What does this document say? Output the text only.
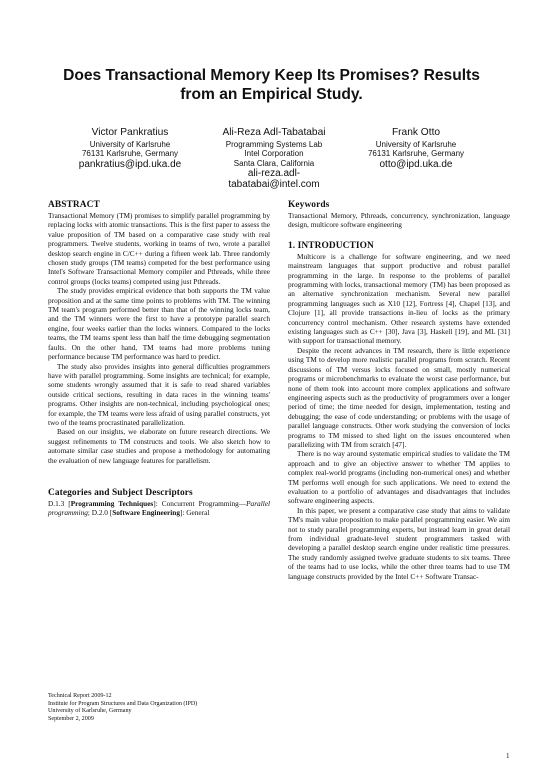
Does Transactional Memory Keep Its Promises? Results
from an Empirical Study.
Victor Pankratius
University of Karlsruhe
76131 Karlsruhe, Germany
pankratius@ipd.uka.de
Ali-Reza Adl-Tabatabai
Programming Systems Lab
Intel Corporation
Santa Clara, California
ali-reza.adl-
tabatabai@intel.com
Frank Otto
University of Karlsruhe
76131 Karlsruhe, Germany
otto@ipd.uka.de
ABSTRACT

Transactional Memory (TM) promises to simplify parallel programming by replacing locks with atomic transactions. This is the first paper to assess the value proposition of TM based on a comparative case study with real programmers. Twelve students, working in teams of two, wrote a parallel desktop search engine in C/C++ during a fifteen week lab. Three randomly chosen study groups (TM teams) competed for the best performance using Intel's Software Transactional Memory compiler and Pthreads, while three control groups (locks teams) competed using just Pthreads.

The study provides empirical evidence that both supports the TM value proposition and at the same time points to problems with TM. The winning TM team's program performed better than that of the winning locks team, and the TM winners were the first to have a prototype parallel search engine, four weeks earlier than the locks winners. Compared to the locks teams, the TM teams spent less than half the time debugging segmentation faults. On the other hand, TM teams had more problems tuning performance because TM performance was hard to predict.

The study also provides insights into general difficulties programmers have with parallel programming. Some insights are technical; for example, some students wrongly assumed that it is safe to read shared variables outside critical sections, resulting in data races in the winning teams' programs. Other insights are non-technical, including psychological ones; for example, the TM teams were less afraid of using parallel constructs, yet two of the teams procrastinated parallelization.

Based on our insights, we elaborate on future research directions. We suggest refinements to TM constructs and tools. We also sketch how to automate similar case studies and propose a methodology for automating the evaluation of new language features for parallelism.

Categories and Subject Descriptors

D.1.3 [Programming Techniques]: Concurrent Programming—Parallel programming; D.2.0 [Software Engineering]: General

Technical Report 2009-12
Institute for Program Structures and Data Organization (IPD)
University of Karlsruhe, Germany
September 2, 2009
Keywords

Transactional Memory, Pthreads, concurrency, synchronization, language design, multicore software engineering

1. INTRODUCTION

Multicore is a challenge for software engineering, and we need mainstream languages that support productive and robust parallel programming in the large. In response to the problems of parallel programming with locks, transactional memory (TM) has been proposed as an alternative synchronization mechanism. Several new parallel programming languages such as X10 [12], Fortress [4], Chapel [13], and Clojure [1], all provide transactions in-lieu of locks as the primary concurrency control mechanism. Other research systems have extended existing languages such as C++ [30], Java [3], Haskell [19], and ML [31] with support for transactional memory.

Despite the recent advances in TM research, there is little experience using TM to develop more realistic parallel programs from scratch. Recent discussions of TM versus locks focused on small, mostly numerical programs or microbenchmarks to evaluate the worst case performance, but none of them took into account more complex applications and software engineering aspects such as the productivity of programmers over a longer period of time; the time needed for design, implementation, testing and debugging; the ease of code understanding; or problems with the usage of parallel language constructs. Other work studying the conversion of locks programs to TM missed to shed light on the issues encountered when parallelizing with TM from scratch [47].

There is no way around systematic empirical studies to validate the TM approach and to give an objective answer to whether TM applies to complex real-world programs (including non-numerical ones) and whether TM performs well enough for such applications. We need to extend the evaluation to a portfolio of advantages and disadvantages that includes software engineering aspects.

In this paper, we present a comparative case study that aims to validate TM's main value proposition to make parallel programming easier. We aim not to study parallel programming experts, but instead learn in great detail from individual graduate-level student programmers tasked with developing a parallel desktop search engine under realistic time pressures. The study randomly assigned twelve graduate students to six teams. Three of the teams had to use locks, while the other three teams had to use TM language constructs provided by the Intel C++ Software Transac-

1
